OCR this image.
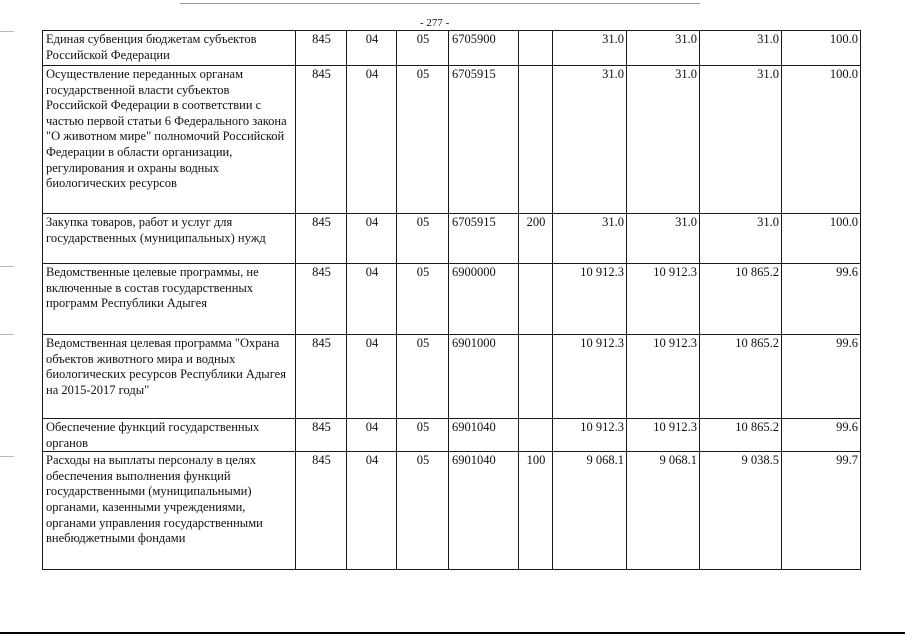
- 277 -
Единая субвенция бюджетам субъектов Российской Федерации	845	04	05	6705900		31.0	31.0	31.0	100.0
Осуществление переданных органам государственной власти субъектов Российской Федерации в соответствии с частью первой статьи 6 Федерального закона "О животном мире" полномочий Российской Федерации в области организации, регулирования и охраны водных биологических ресурсов	845	04	05	6705915		31.0	31.0	31.0	100.0
Закупка товаров, работ и услуг для государственных (муниципальных) нужд	845	04	05	6705915	200	31.0	31.0	31.0	100.0
Ведомственные целевые программы, не включенные в состав государственных программ Республики Адыгея	845	04	05	6900000		10 912.3	10 912.3	10 865.2	99.6
Ведомственная целевая программа "Охрана объектов животного мира и водных биологических ресурсов Республики Адыгея на 2015-2017 годы"	845	04	05	6901000		10 912.3	10 912.3	10 865.2	99.6
Обеспечение функций государственных органов	845	04	05	6901040		10 912.3	10 912.3	10 865.2	99.6
Расходы на выплаты персоналу в целях обеспечения выполнения функций государственными (муниципальными) органами, казенными учреждениями, органами управления государственными внебюджетными фондами	845	04	05	6901040	100	9 068.1	9 068.1	9 038.5	99.7
